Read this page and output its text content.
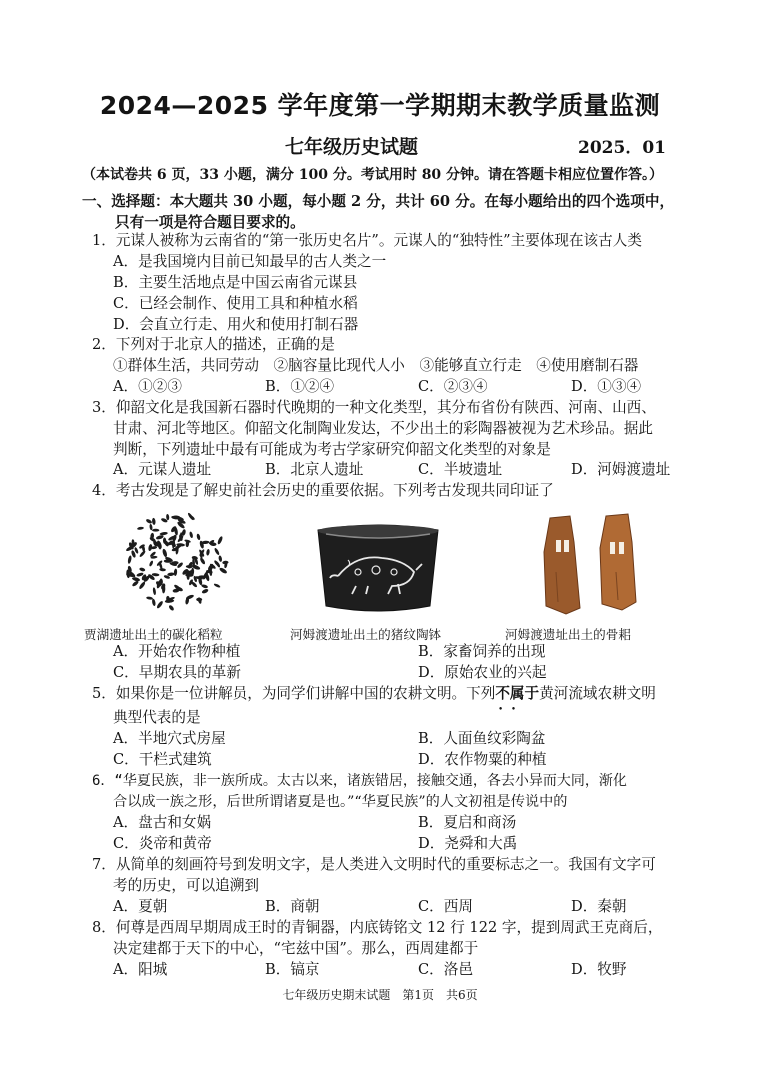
2024—2025 学年度第一学期期末教学质量监测
七年级历史试题	2025．01
（本试卷共 6 页，33 小题，满分 100 分。考试用时 80 分钟。请在答题卡相应位置作答。）
一、选择题：本大题共 30 小题，每小题 2 分，共计 60 分。在每小题给出的四个选项中，
只有一项是符合题目要求的。
1．元谋人被称为云南省的“第一张历史名片”。元谋人的“独特性”主要体现在该古人类
A．是我国境内目前已知最早的古人类之一
B．主要生活地点是中国云南省元谋县
C．已经会制作、使用工具和种植水稻
D．会直立行走、用火和使用打制石器
2．下列对于北京人的描述，正确的是
①群体生活，共同劳动　②脑容量比现代人小　③能够直立行走　④使用磨制石器
A．①②③	B．①②④	C．②③④	D．①③④
3．仰韶文化是我国新石器时代晚期的一种文化类型，其分布省份有陕西、河南、山西、
甘肃、河北等地区。仰韶文化制陶业发达，不少出土的彩陶器被视为艺术珍品。据此
判断，下列遗址中最有可能成为考古学家研究仰韶文化类型的对象是
A．元谋人遗址	B．北京人遗址	C．半坡遗址	D．河姆渡遗址
4．考古发现是了解史前社会历史的重要依据。下列考古发现共同印证了
贾湖遗址出土的碳化稻粒	河姆渡遗址出土的猪纹陶钵	河姆渡遗址出土的骨耜
A．开始农作物种植	B．家畜饲养的出现
C．早期农具的革新	D．原始农业的兴起
5．如果你是一位讲解员，为同学们讲解中国的农耕文明。下列不属于 • •黄河流域农耕文明
典型代表的是
A．半地穴式房屋	B．人面鱼纹彩陶盆
C．干栏式建筑	D．农作物粟的种植
6．“华夏民族，非一族所成。太古以来，诸族错居，接触交通，各去小异而大同，渐化
合以成一族之形，后世所谓诸夏是也。”“华夏民族”的人文初祖是传说中的
A．盘古和女娲	B．夏启和商汤
C．炎帝和黄帝	D．尧舜和大禹
7．从简单的刻画符号到发明文字，是人类进入文明时代的重要标志之一。我国有文字可
考的历史，可以追溯到
A．夏朝	B．商朝	C．西周	D．秦朝
8．何尊是西周早期周成王时的青铜器，内底铸铭文 12 行 122 字，提到周武王克商后，
决定建都于天下的中心，“宅兹中国”。那么，西周建都于
A．阳城	B．镐京	C．洛邑	D．牧野
七年级历史期末试题　第1页　共6页
